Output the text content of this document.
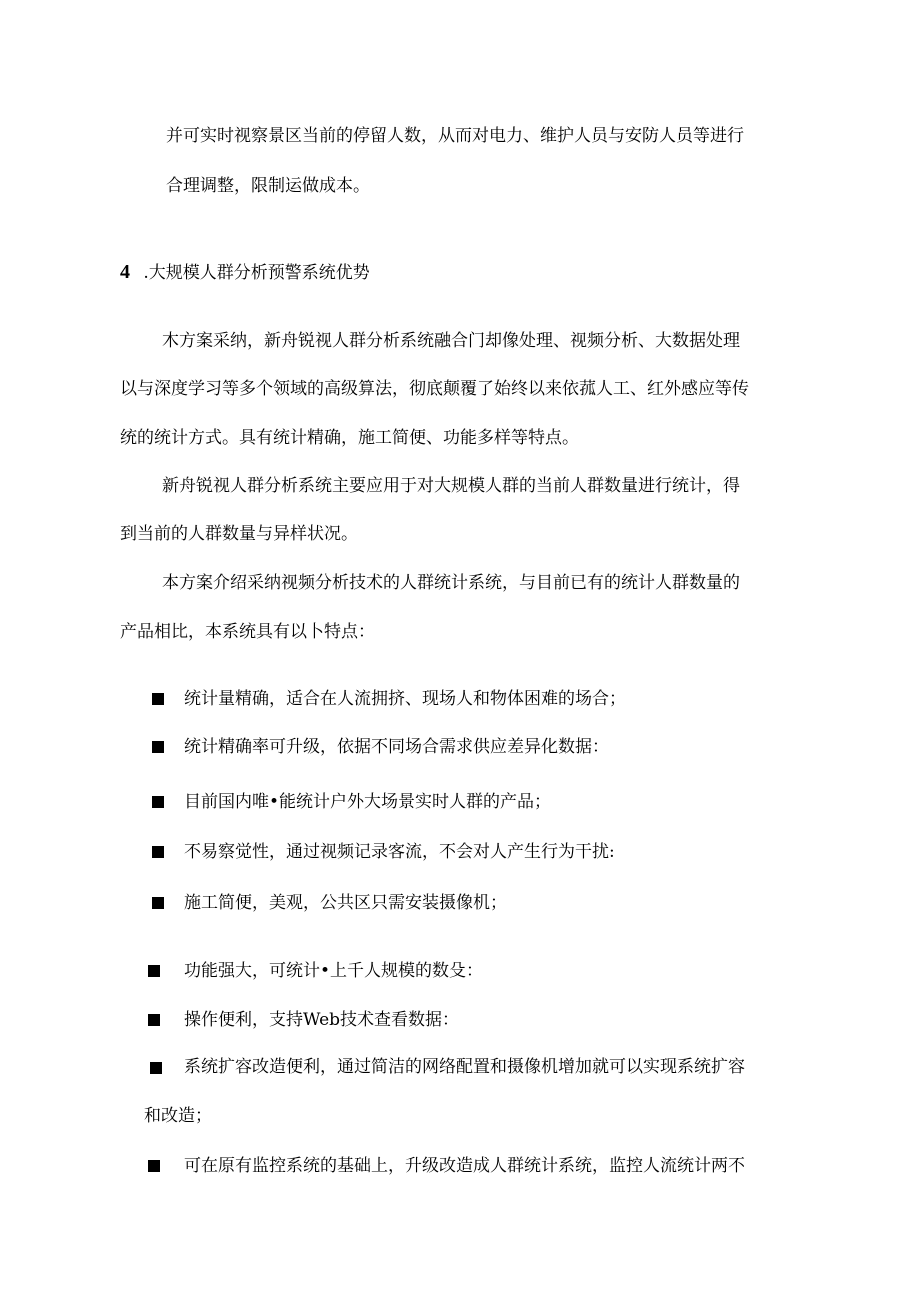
并可实时视察景区当前的停留人数，从而对电力、维护人员与安防人员等进行
合理调整，限制运做成本。
4 .大规模人群分析预警系统优势
木方案采纳，新舟锐视人群分析系统融合门却像处理、视频分析、大数据处理
以与深度学习等多个领域的高级算法，彻底颠覆了始终以来依菰人工、红外感应等传
统的统计方式。具有统计精确，施工简便、功能多样等特点。
新舟锐视人群分析系统主要应用于对大规模人群的当前人群数量进行统计，得
到当前的人群数量与异样状况。
本方案介绍采纳视频分析技术的人群统计系统，与目前已有的统计人群数量的
产品相比，本系统具有以卜特点：
统计量精确，适合在人流拥挤、现场人和物体困难的场合；
统计精确率可升级，依据不同场合需求供应差异化数据：
目前国内唯•能统计户外大场景实时人群的产品；
不易察觉性，通过视频记录客流，不会对人产生行为干扰:
施工简便，美观，公共区只需安装摄像机；
功能强大，可统计•上千人规模的数殳：
操作便利，支持Web技术查看数据：
系统扩容改造便利，通过简洁的网络配置和摄像机增加就可以实现系统扩容
和改造；
可在原有监控系统的基础上，升级改造成人群统计系统，监控人流统计两不
